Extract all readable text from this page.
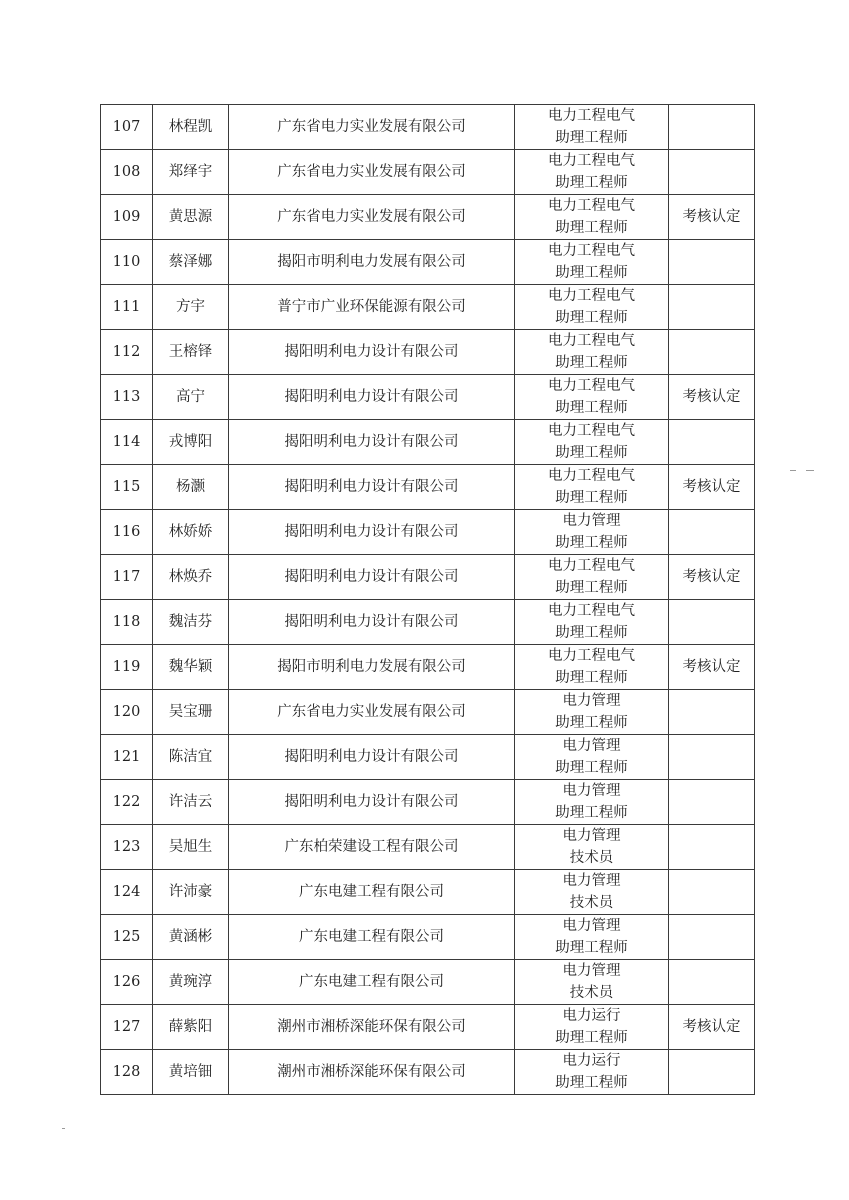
107	林程凯	广东省电力实业发展有限公司	电力工程电气
助理工程师	

108	郑绎宇	广东省电力实业发展有限公司	电力工程电气
助理工程师	

109	黄思源	广东省电力实业发展有限公司	电力工程电气
助理工程师	考核认定
110	蔡泽娜	揭阳市明利电力发展有限公司	电力工程电气
助理工程师	

111	方宇	普宁市广业环保能源有限公司	电力工程电气
助理工程师	

112	王榕铎	揭阳明利电力设计有限公司	电力工程电气
助理工程师	

113	高宁	揭阳明利电力设计有限公司	电力工程电气
助理工程师	考核认定
114	戎博阳	揭阳明利电力设计有限公司	电力工程电气
助理工程师	

115	杨灏	揭阳明利电力设计有限公司	电力工程电气
助理工程师	考核认定
116	林娇娇	揭阳明利电力设计有限公司	电力管理
助理工程师	

117	林焕乔	揭阳明利电力设计有限公司	电力工程电气
助理工程师	考核认定
118	魏洁芬	揭阳明利电力设计有限公司	电力工程电气
助理工程师	

119	魏华颖	揭阳市明利电力发展有限公司	电力工程电气
助理工程师	考核认定
120	吴宝珊	广东省电力实业发展有限公司	电力管理
助理工程师	

121	陈洁宜	揭阳明利电力设计有限公司	电力管理
助理工程师	

122	许洁云	揭阳明利电力设计有限公司	电力管理
助理工程师	

123	吴旭生	广东柏荣建设工程有限公司	电力管理
技术员	

124	许沛豪	广东电建工程有限公司	电力管理
技术员	

125	黄涵彬	广东电建工程有限公司	电力管理
助理工程师	

126	黄琬淳	广东电建工程有限公司	电力管理
技术员	

127	薛紫阳	潮州市湘桥深能环保有限公司	电力运行
助理工程师	考核认定
128	黄培钿	潮州市湘桥深能环保有限公司	电力运行
助理工程师	
